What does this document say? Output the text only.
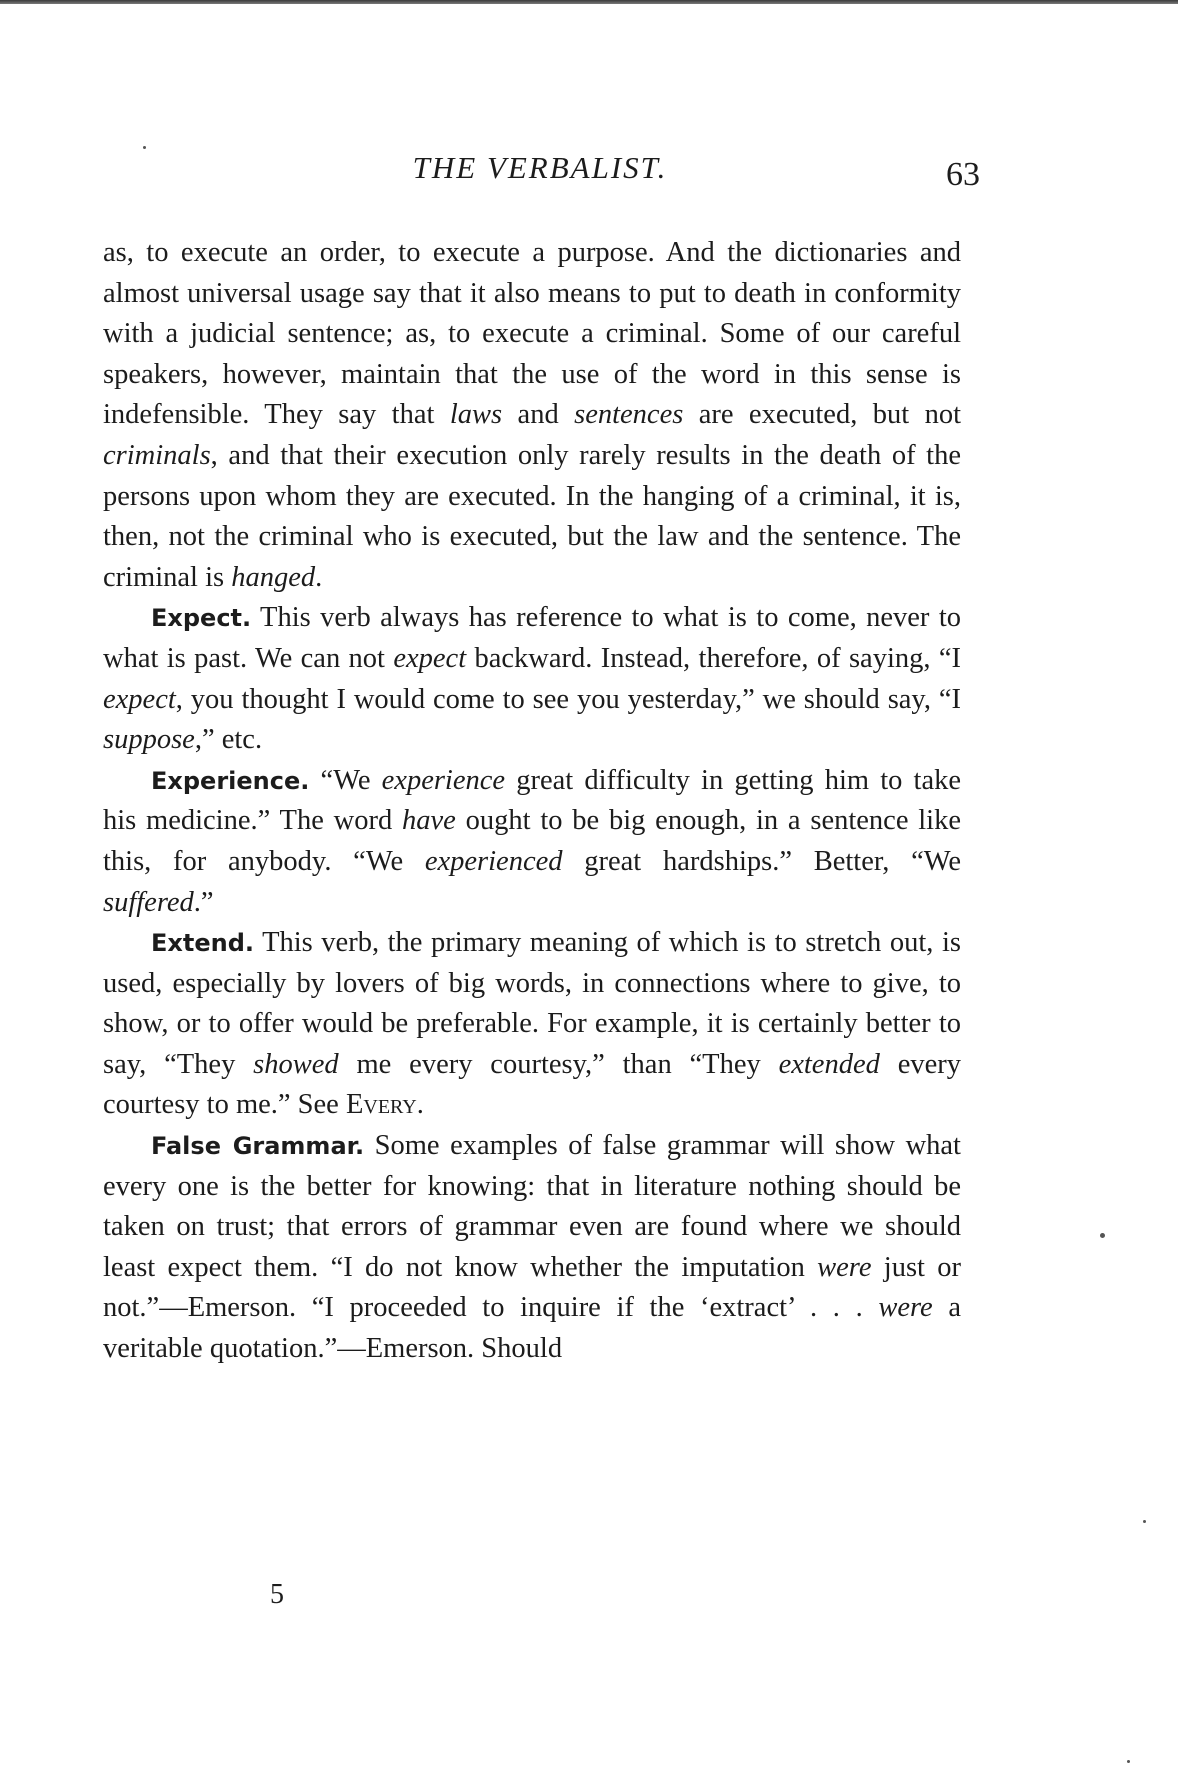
THE VERBALIST.	63

as, to execute an order, to execute a purpose. And the dictionaries and almost universal usage say that it also means to put to death in conformity with a judicial sentence; as, to execute a criminal. Some of our careful speakers, however, maintain that the use of the word in this sense is indefensible. They say that laws and sentences are executed, but not criminals, and that their execution only rarely results in the death of the persons upon whom they are executed. In the hanging of a criminal, it is, then, not the criminal who is executed, but the law and the sentence. The criminal is hanged.

Expect. This verb always has reference to what is to come, never to what is past. We can not expect backward. Instead, therefore, of saying, “I expect, you thought I would come to see you yesterday,” we should say, “I suppose,” etc.

Experience. “We experience great difficulty in getting him to take his medicine.” The word have ought to be big enough, in a sentence like this, for anybody. “We experienced great hardships.” Better, “We suffered.”

Extend. This verb, the primary meaning of which is to stretch out, is used, especially by lovers of big words, in connections where to give, to show, or to offer would be preferable. For example, it is certainly better to say, “They showed me every courtesy,” than “They extended every courtesy to me.” See Every.

False Grammar. Some examples of false grammar will show what every one is the better for knowing: that in literature nothing should be taken on trust; that errors of grammar even are found where we should least expect them. “I do not know whether the imputation were just or not.”—Emerson. “I proceeded to inquire if the ‘extract’ . . . were a veritable quotation.”—Emerson. Should

5
